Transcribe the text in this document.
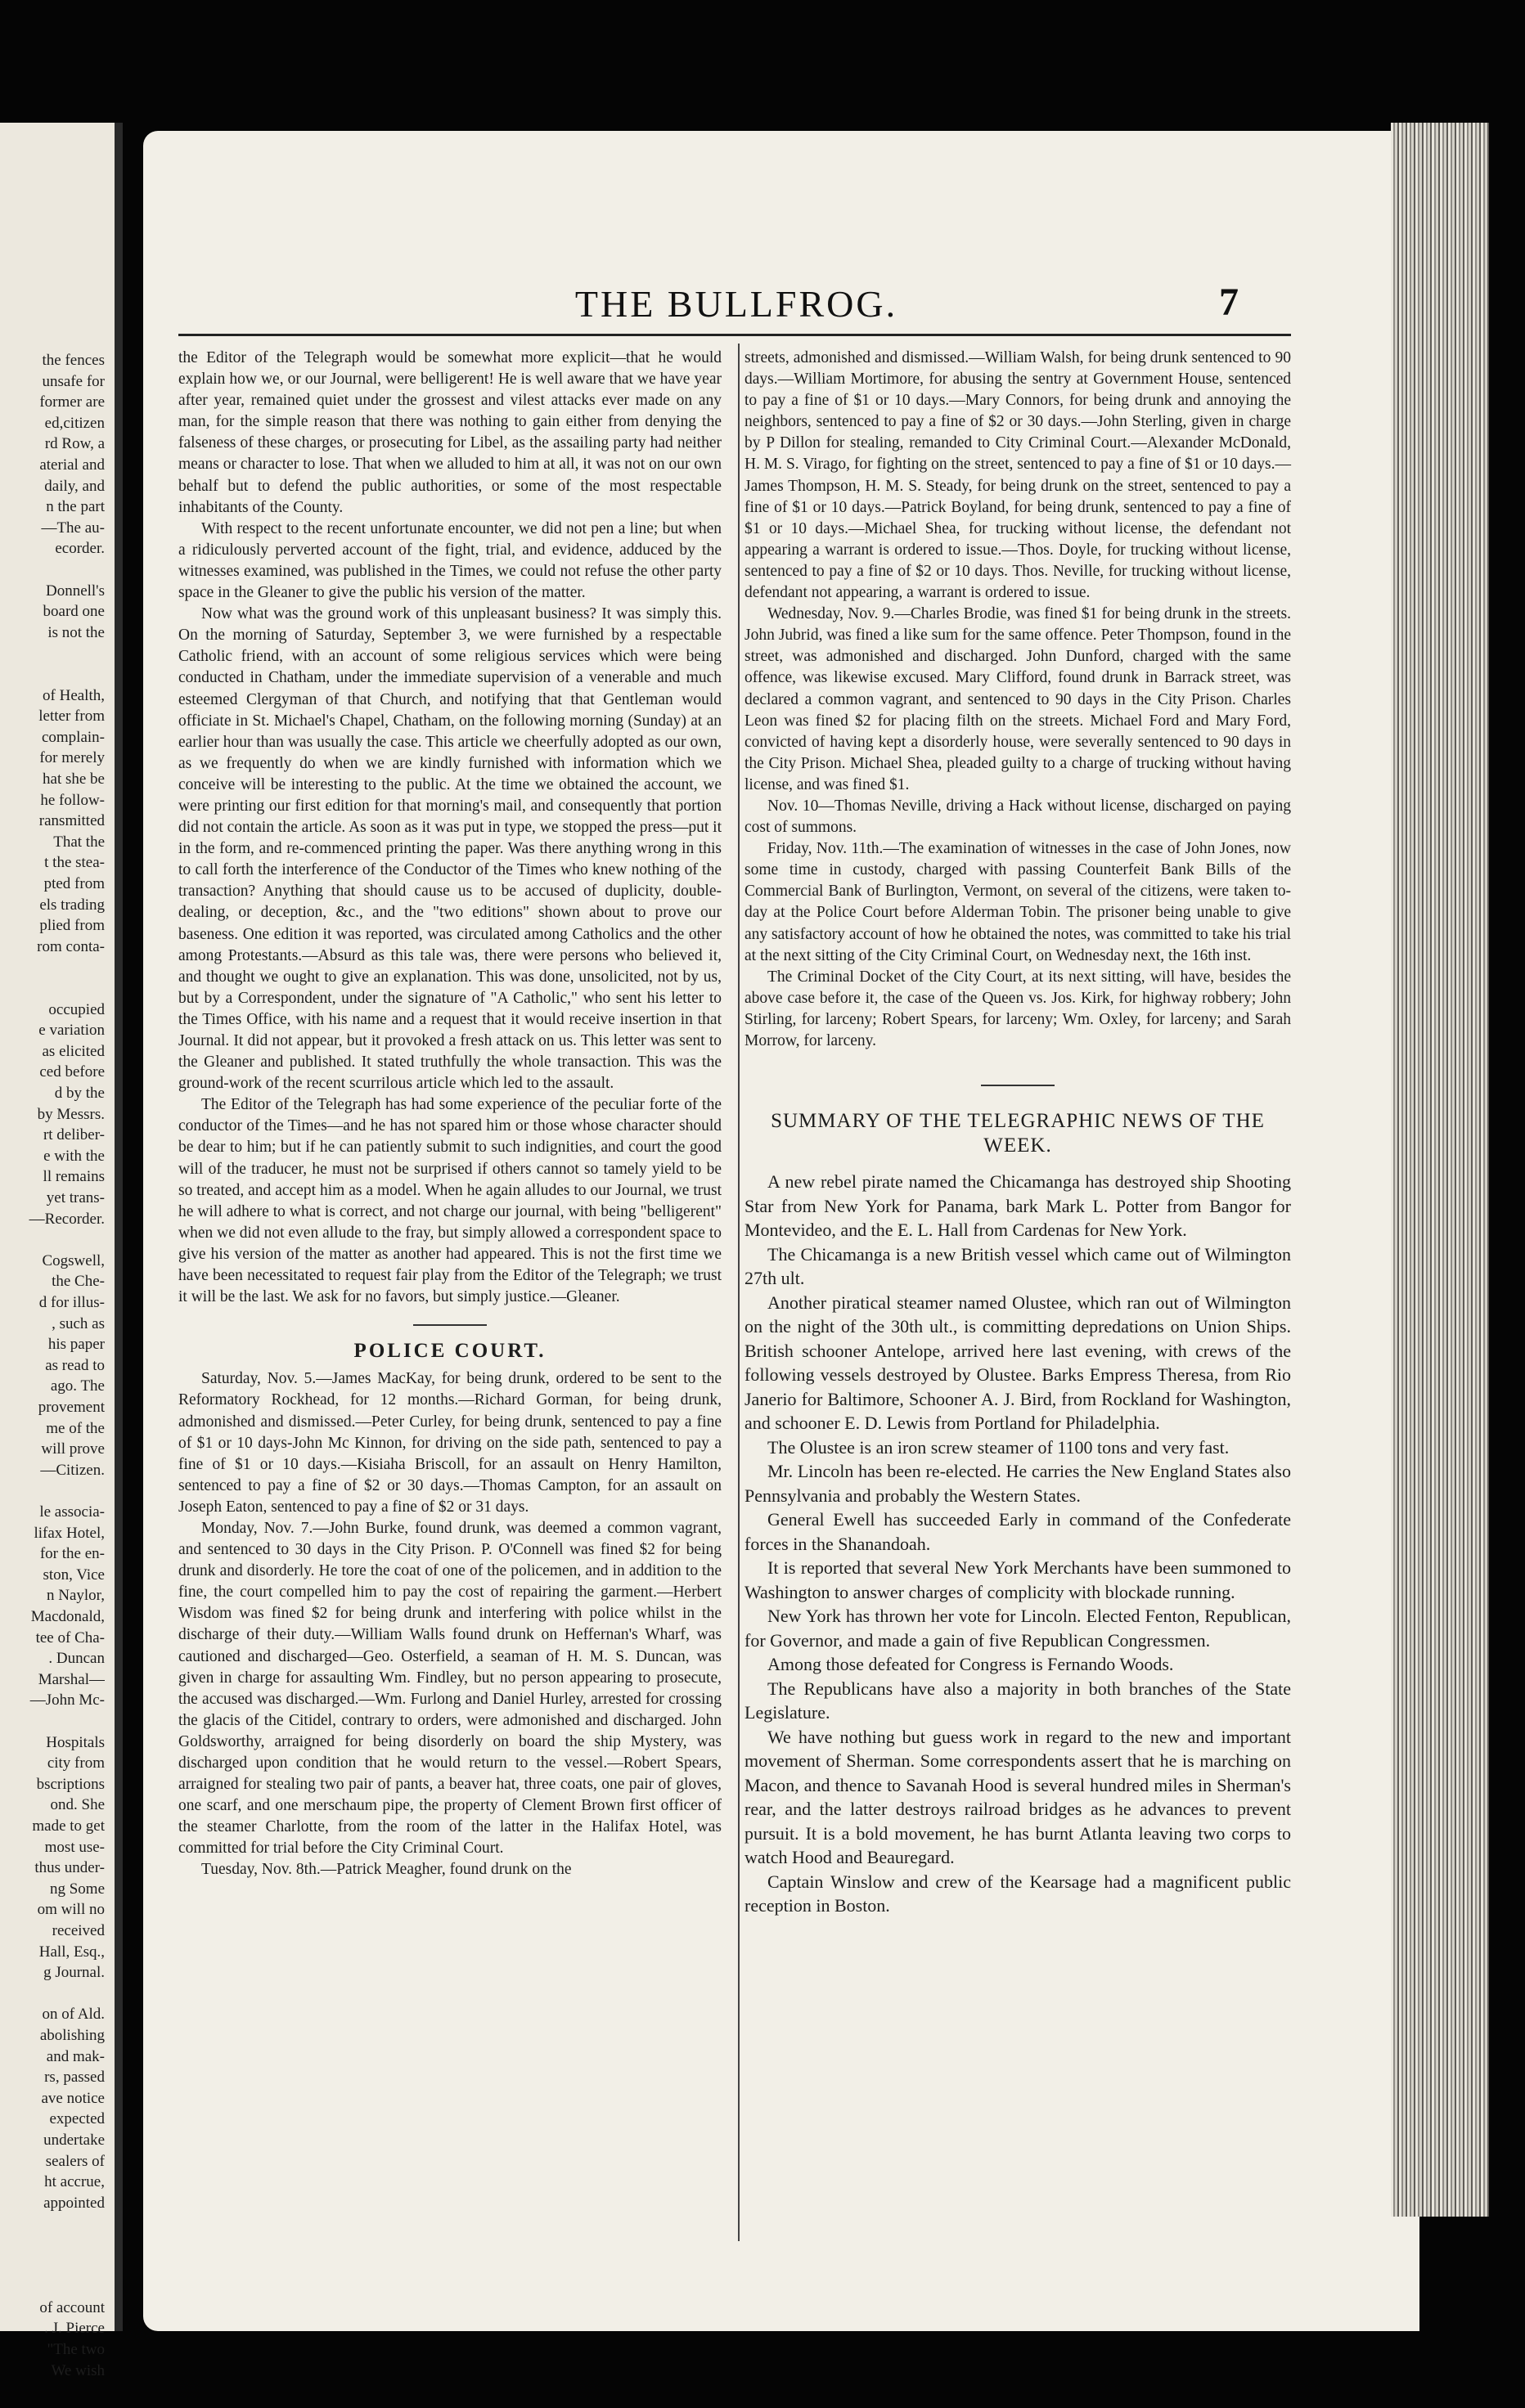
THE BULLFROG.	7
the fences
unsafe for
former are
ed,citizen
rd Row, a
aterial and
daily, and
n the part
—The au-
ecorder.
Donnell's
board one
is not the
of Health,
letter from
complain-
for merely
hat she be
he follow-
ransmitted
That the
t the stea-
pted from
els trading
plied from
rom conta-
occupied
e variation
as elicited
ced before
d by the
by Messrs.
rt deliber-
e with the
ll remains
yet trans-
—Recorder.
Cogswell,
the Che-
d for illus-
, such as
his paper
as read to
ago. The
provement
me of the
will prove
—Citizen.
le associa-
lifax Hotel,
for the en-
ston, Vice
n Naylor,
Macdonald,
tee of Cha-
. Duncan
Marshal—
—John Mc-
Hospitals
city from
bscriptions
ond. She
made to get
most use-
thus under-
ng Some
om will no
received
Hall, Esq.,
g Journal.
on of Ald.
abolishing
and mak-
rs, passed
ave notice
expected
undertake
sealers of
ht accrue,
appointed
of account
. J. Pierce
"The two
We wish

the Editor of the Telegraph would be somewhat more explicit—that he would explain how we, or our Journal, were belligerent! He is well aware that we have year after year, remained quiet under the grossest and vilest attacks ever made on any man, for the simple reason that there was nothing to gain either from denying the falseness of these charges, or prosecuting for Libel, as the assailing party had neither means or character to lose. That when we alluded to him at all, it was not on our own behalf but to defend the public authorities, or some of the most respectable inhabitants of the County.

With respect to the recent unfortunate encounter, we did not pen a line; but when a ridiculously perverted account of the fight, trial, and evidence, adduced by the witnesses examined, was published in the Times, we could not refuse the other party space in the Gleaner to give the public his version of the matter.

Now what was the ground work of this unpleasant business? It was simply this. On the morning of Saturday, September 3, we were furnished by a respectable Catholic friend, with an account of some religious services which were being conducted in Chatham, under the immediate supervision of a venerable and much esteemed Clergyman of that Church, and notifying that that Gentleman would officiate in St. Michael's Chapel, Chatham, on the following morning (Sunday) at an earlier hour than was usually the case. This article we cheerfully adopted as our own, as we frequently do when we are kindly furnished with information which we conceive will be interesting to the public. At the time we obtained the account, we were printing our first edition for that morning's mail, and consequently that portion did not contain the article. As soon as it was put in type, we stopped the press—put it in the form, and re-commenced printing the paper. Was there anything wrong in this to call forth the interference of the Conductor of the Times who knew nothing of the transaction? Anything that should cause us to be accused of duplicity, double-dealing, or deception, &c., and the "two editions" shown about to prove our baseness. One edition it was reported, was circulated among Catholics and the other among Protestants.—Absurd as this tale was, there were persons who believed it, and thought we ought to give an explanation. This was done, unsolicited, not by us, but by a Correspondent, under the signature of "A Catholic," who sent his letter to the Times Office, with his name and a request that it would receive insertion in that Journal. It did not appear, but it provoked a fresh attack on us. This letter was sent to the Gleaner and published. It stated truthfully the whole transaction. This was the ground-work of the recent scurrilous article which led to the assault.

The Editor of the Telegraph has had some experience of the peculiar forte of the conductor of the Times—and he has not spared him or those whose character should be dear to him; but if he can patiently submit to such indignities, and court the good will of the traducer, he must not be surprised if others cannot so tamely yield to be so treated, and accept him as a model. When he again alludes to our Journal, we trust he will adhere to what is correct, and not charge our journal, with being "belligerent" when we did not even allude to the fray, but simply allowed a correspondent space to give his version of the matter as another had appeared. This is not the first time we have been necessitated to request fair play from the Editor of the Telegraph; we trust it will be the last. We ask for no favors, but simply justice.—Gleaner.

POLICE COURT.

Saturday, Nov. 5.—James MacKay, for being drunk, ordered to be sent to the Reformatory Rockhead, for 12 months.—Richard Gorman, for being drunk, admonished and dismissed.—Peter Curley, for being drunk, sentenced to pay a fine of $1 or 10 days-John Mc Kinnon, for driving on the side path, sentenced to pay a fine of $1 or 10 days.—Kisiaha Briscoll, for an assault on Henry Hamilton, sentenced to pay a fine of $2 or 30 days.—Thomas Campton, for an assault on Joseph Eaton, sentenced to pay a fine of $2 or 31 days.

Monday, Nov. 7.—John Burke, found drunk, was deemed a common vagrant, and sentenced to 30 days in the City Prison. P. O'Connell was fined $2 for being drunk and disorderly. He tore the coat of one of the policemen, and in addition to the fine, the court compelled him to pay the cost of repairing the garment.—Herbert Wisdom was fined $2 for being drunk and interfering with police whilst in the discharge of their duty.—William Walls found drunk on Heffernan's Wharf, was cautioned and discharged—Geo. Osterfield, a seaman of H. M. S. Duncan, was given in charge for assaulting Wm. Findley, but no person appearing to prosecute, the accused was discharged.—Wm. Furlong and Daniel Hurley, arrested for crossing the glacis of the Citidel, contrary to orders, were admonished and discharged. John Goldsworthy, arraigned for being disorderly on board the ship Mystery, was discharged upon condition that he would return to the vessel.—Robert Spears, arraigned for stealing two pair of pants, a beaver hat, three coats, one pair of gloves, one scarf, and one merschaum pipe, the property of Clement Brown first officer of the steamer Charlotte, from the room of the latter in the Halifax Hotel, was committed for trial before the City Criminal Court.

Tuesday, Nov. 8th.—Patrick Meagher, found drunk on the

streets, admonished and dismissed.—William Walsh, for being drunk sentenced to 90 days.—William Mortimore, for abusing the sentry at Government House, sentenced to pay a fine of $1 or 10 days.—Mary Connors, for being drunk and annoying the neighbors, sentenced to pay a fine of $2 or 30 days.—John Sterling, given in charge by P Dillon for stealing, remanded to City Criminal Court.—Alexander McDonald, H. M. S. Virago, for fighting on the street, sentenced to pay a fine of $1 or 10 days.—James Thompson, H. M. S. Steady, for being drunk on the street, sentenced to pay a fine of $1 or 10 days.—Patrick Boyland, for being drunk, sentenced to pay a fine of $1 or 10 days.—Michael Shea, for trucking without license, the defendant not appearing a warrant is ordered to issue.—Thos. Doyle, for trucking without license, sentenced to pay a fine of $2 or 10 days. Thos. Neville, for trucking without license, defendant not appearing, a warrant is ordered to issue.

Wednesday, Nov. 9.—Charles Brodie, was fined $1 for being drunk in the streets. John Jubrid, was fined a like sum for the same offence. Peter Thompson, found in the street, was admonished and discharged. John Dunford, charged with the same offence, was likewise excused. Mary Clifford, found drunk in Barrack street, was declared a common vagrant, and sentenced to 90 days in the City Prison. Charles Leon was fined $2 for placing filth on the streets. Michael Ford and Mary Ford, convicted of having kept a disorderly house, were severally sentenced to 90 days in the City Prison. Michael Shea, pleaded guilty to a charge of trucking without having license, and was fined $1.

Nov. 10—Thomas Neville, driving a Hack without license, discharged on paying cost of summons.

Friday, Nov. 11th.—The examination of witnesses in the case of John Jones, now some time in custody, charged with passing Counterfeit Bank Bills of the Commercial Bank of Burlington, Vermont, on several of the citizens, were taken to-day at the Police Court before Alderman Tobin. The prisoner being unable to give any satisfactory account of how he obtained the notes, was committed to take his trial at the next sitting of the City Criminal Court, on Wednesday next, the 16th inst.

The Criminal Docket of the City Court, at its next sitting, will have, besides the above case before it, the case of the Queen vs. Jos. Kirk, for highway robbery; John Stirling, for larceny; Robert Spears, for larceny; Wm. Oxley, for larceny; and Sarah Morrow, for larceny.

SUMMARY OF THE TELEGRAPHIC NEWS OF THE WEEK.

A new rebel pirate named the Chicamanga has destroyed ship Shooting Star from New York for Panama, bark Mark L. Potter from Bangor for Montevideo, and the E. L. Hall from Cardenas for New York.

The Chicamanga is a new British vessel which came out of Wilmington 27th ult.

Another piratical steamer named Olustee, which ran out of Wilmington on the night of the 30th ult., is committing depredations on Union Ships. British schooner Antelope, arrived here last evening, with crews of the following vessels destroyed by Olustee. Barks Empress Theresa, from Rio Janerio for Baltimore, Schooner A. J. Bird, from Rockland for Washington, and schooner E. D. Lewis from Portland for Philadelphia.

The Olustee is an iron screw steamer of 1100 tons and very fast.

Mr. Lincoln has been re-elected. He carries the New England States also Pennsylvania and probably the Western States.

General Ewell has succeeded Early in command of the Confederate forces in the Shanandoah.

It is reported that several New York Merchants have been summoned to Washington to answer charges of complicity with blockade running.

New York has thrown her vote for Lincoln. Elected Fenton, Republican, for Governor, and made a gain of five Republican Congressmen.

Among those defeated for Congress is Fernando Woods.

The Republicans have also a majority in both branches of the State Legislature.

We have nothing but guess work in regard to the new and important movement of Sherman. Some correspondents assert that he is marching on Macon, and thence to Savanah Hood is several hundred miles in Sherman's rear, and the latter destroys railroad bridges as he advances to prevent pursuit. It is a bold movement, he has burnt Atlanta leaving two corps to watch Hood and Beauregard.

Captain Winslow and crew of the Kearsage had a magnificent public reception in Boston.
